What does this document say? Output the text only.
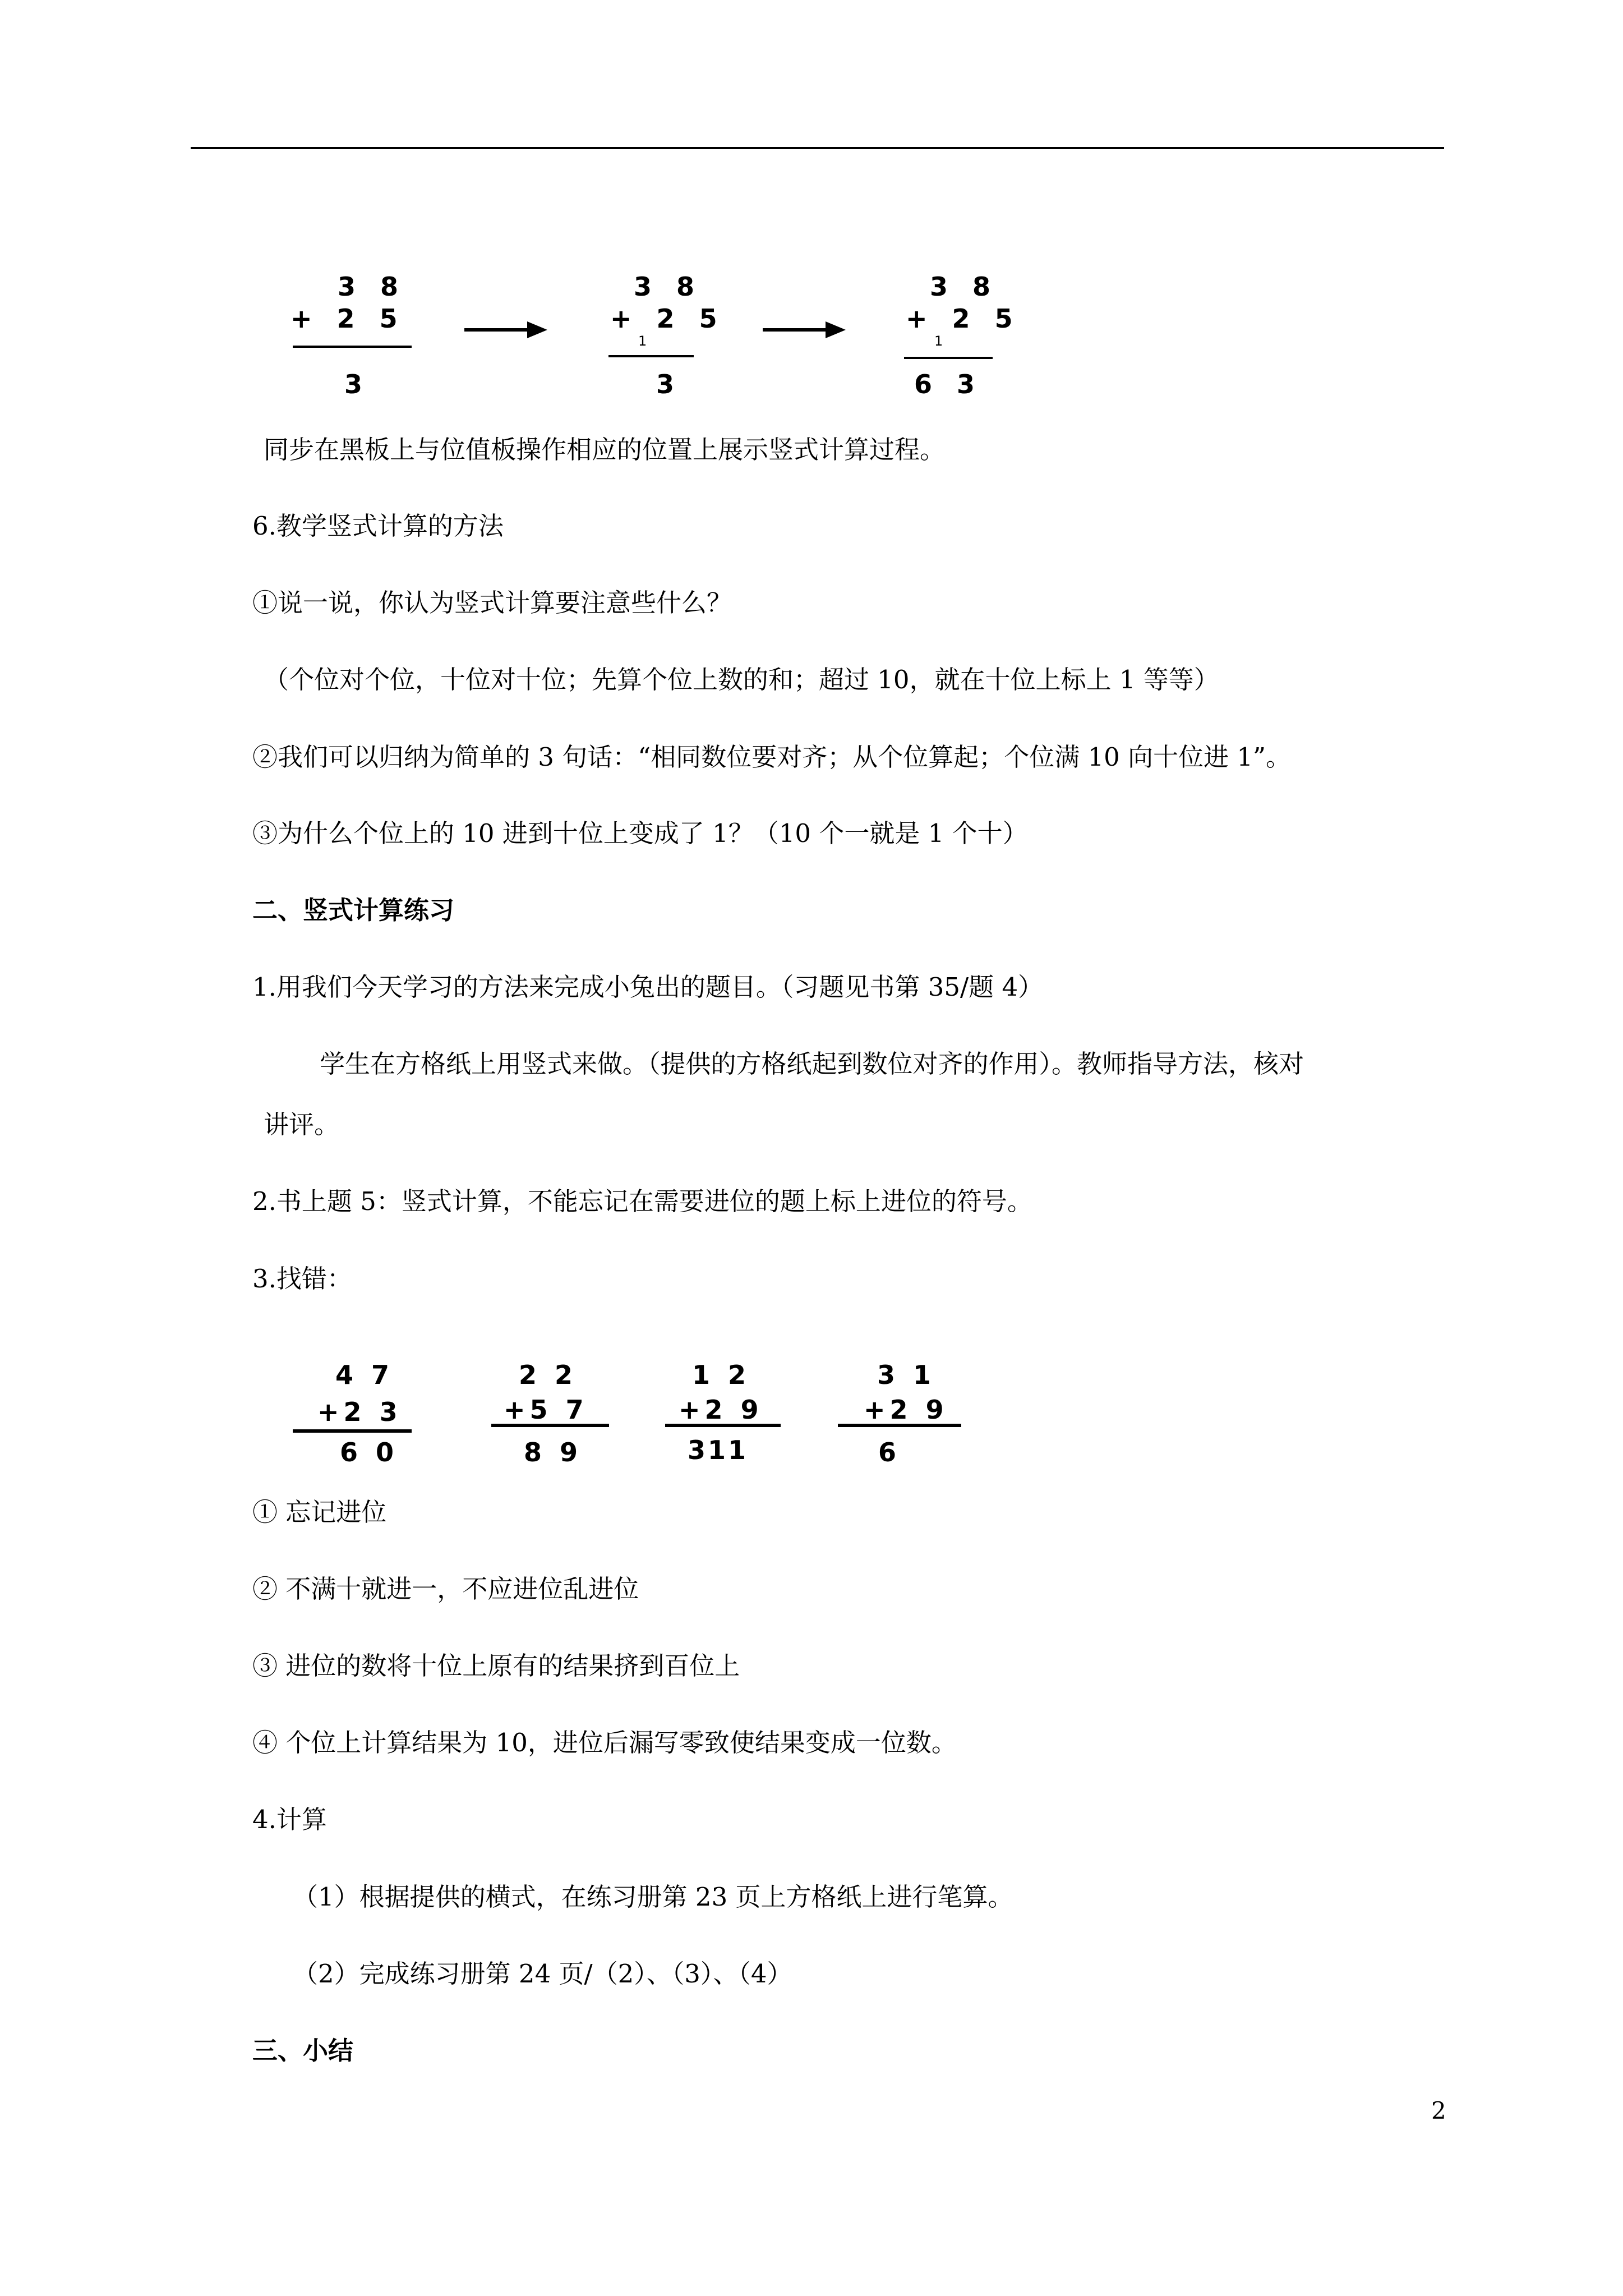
3 8
+ 2 5
3
3 8
+ 2 5
1
3
3 8
+ 2 5
1
6 3
同步在黑板上与位值板操作相应的位置上展示竖式计算过程。
6.教学竖式计算的方法
①说一说，你认为竖式计算要注意些什么？
（个位对个位，十位对十位；先算个位上数的和；超过 10，就在十位上标上 1 等等）
②我们可以归纳为简单的 3 句话：“相同数位要对齐；从个位算起；个位满 10 向十位进 1”。
③为什么个位上的 10 进到十位上变成了 1？（10 个一就是 1 个十）
二、竖式计算练习
1.用我们今天学习的方法来完成小兔出的题目。（习题见书第 35/题 4）
学生在方格纸上用竖式来做。（提供的方格纸起到数位对齐的作用）。教师指导方法，核对
讲评。
2.书上题 5：竖式计算，不能忘记在需要进位的题上标上进位的符号。
3.找错：
4 7
+2 3
6 0
2 2
+5 7
8 9
1 2
+2 9
311
3 1
+2 9
6
① 忘记进位
② 不满十就进一，不应进位乱进位
③ 进位的数将十位上原有的结果挤到百位上
④ 个位上计算结果为 10，进位后漏写零致使结果变成一位数。
4.计算
（1）根据提供的横式，在练习册第 23 页上方格纸上进行笔算。
（2）完成练习册第 24 页/（2）、（3）、（4）
三、小结
2
